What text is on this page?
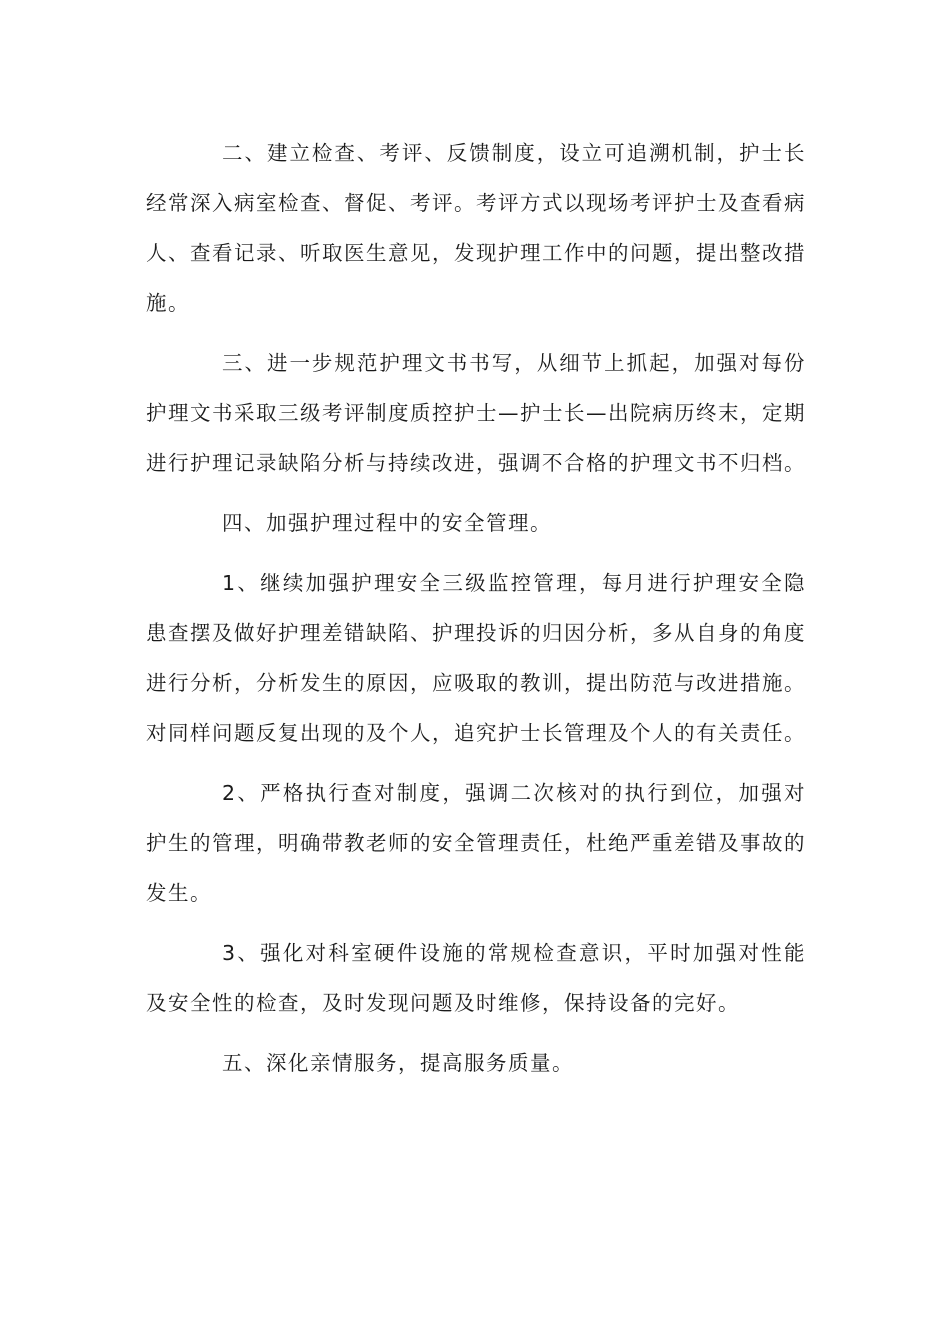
二、建立检查、考评、反馈制度，设立可追溯机制，护士长经常深入病室检查、督促、考评。考评方式以现场考评护士及查看病人、查看记录、听取医生意见，发现护理工作中的问题，提出整改措施。

三、进一步规范护理文书书写，从细节上抓起，加强对每份护理文书采取三级考评制度质控护士—护士长—出院病历终末，定期进行护理记录缺陷分析与持续改进，强调不合格的护理文书不归档。

四、加强护理过程中的安全管理。

1、继续加强护理安全三级监控管理，每月进行护理安全隐患查摆及做好护理差错缺陷、护理投诉的归因分析，多从自身的角度进行分析，分析发生的原因，应吸取的教训，提出防范与改进措施。对同样问题反复出现的及个人，追究护士长管理及个人的有关责任。

2、严格执行查对制度，强调二次核对的执行到位，加强对护生的管理，明确带教老师的安全管理责任，杜绝严重差错及事故的发生。

3、强化对科室硬件设施的常规检查意识，平时加强对性能及安全性的检查，及时发现问题及时维修，保持设备的完好。

五、深化亲情服务，提高服务质量。
